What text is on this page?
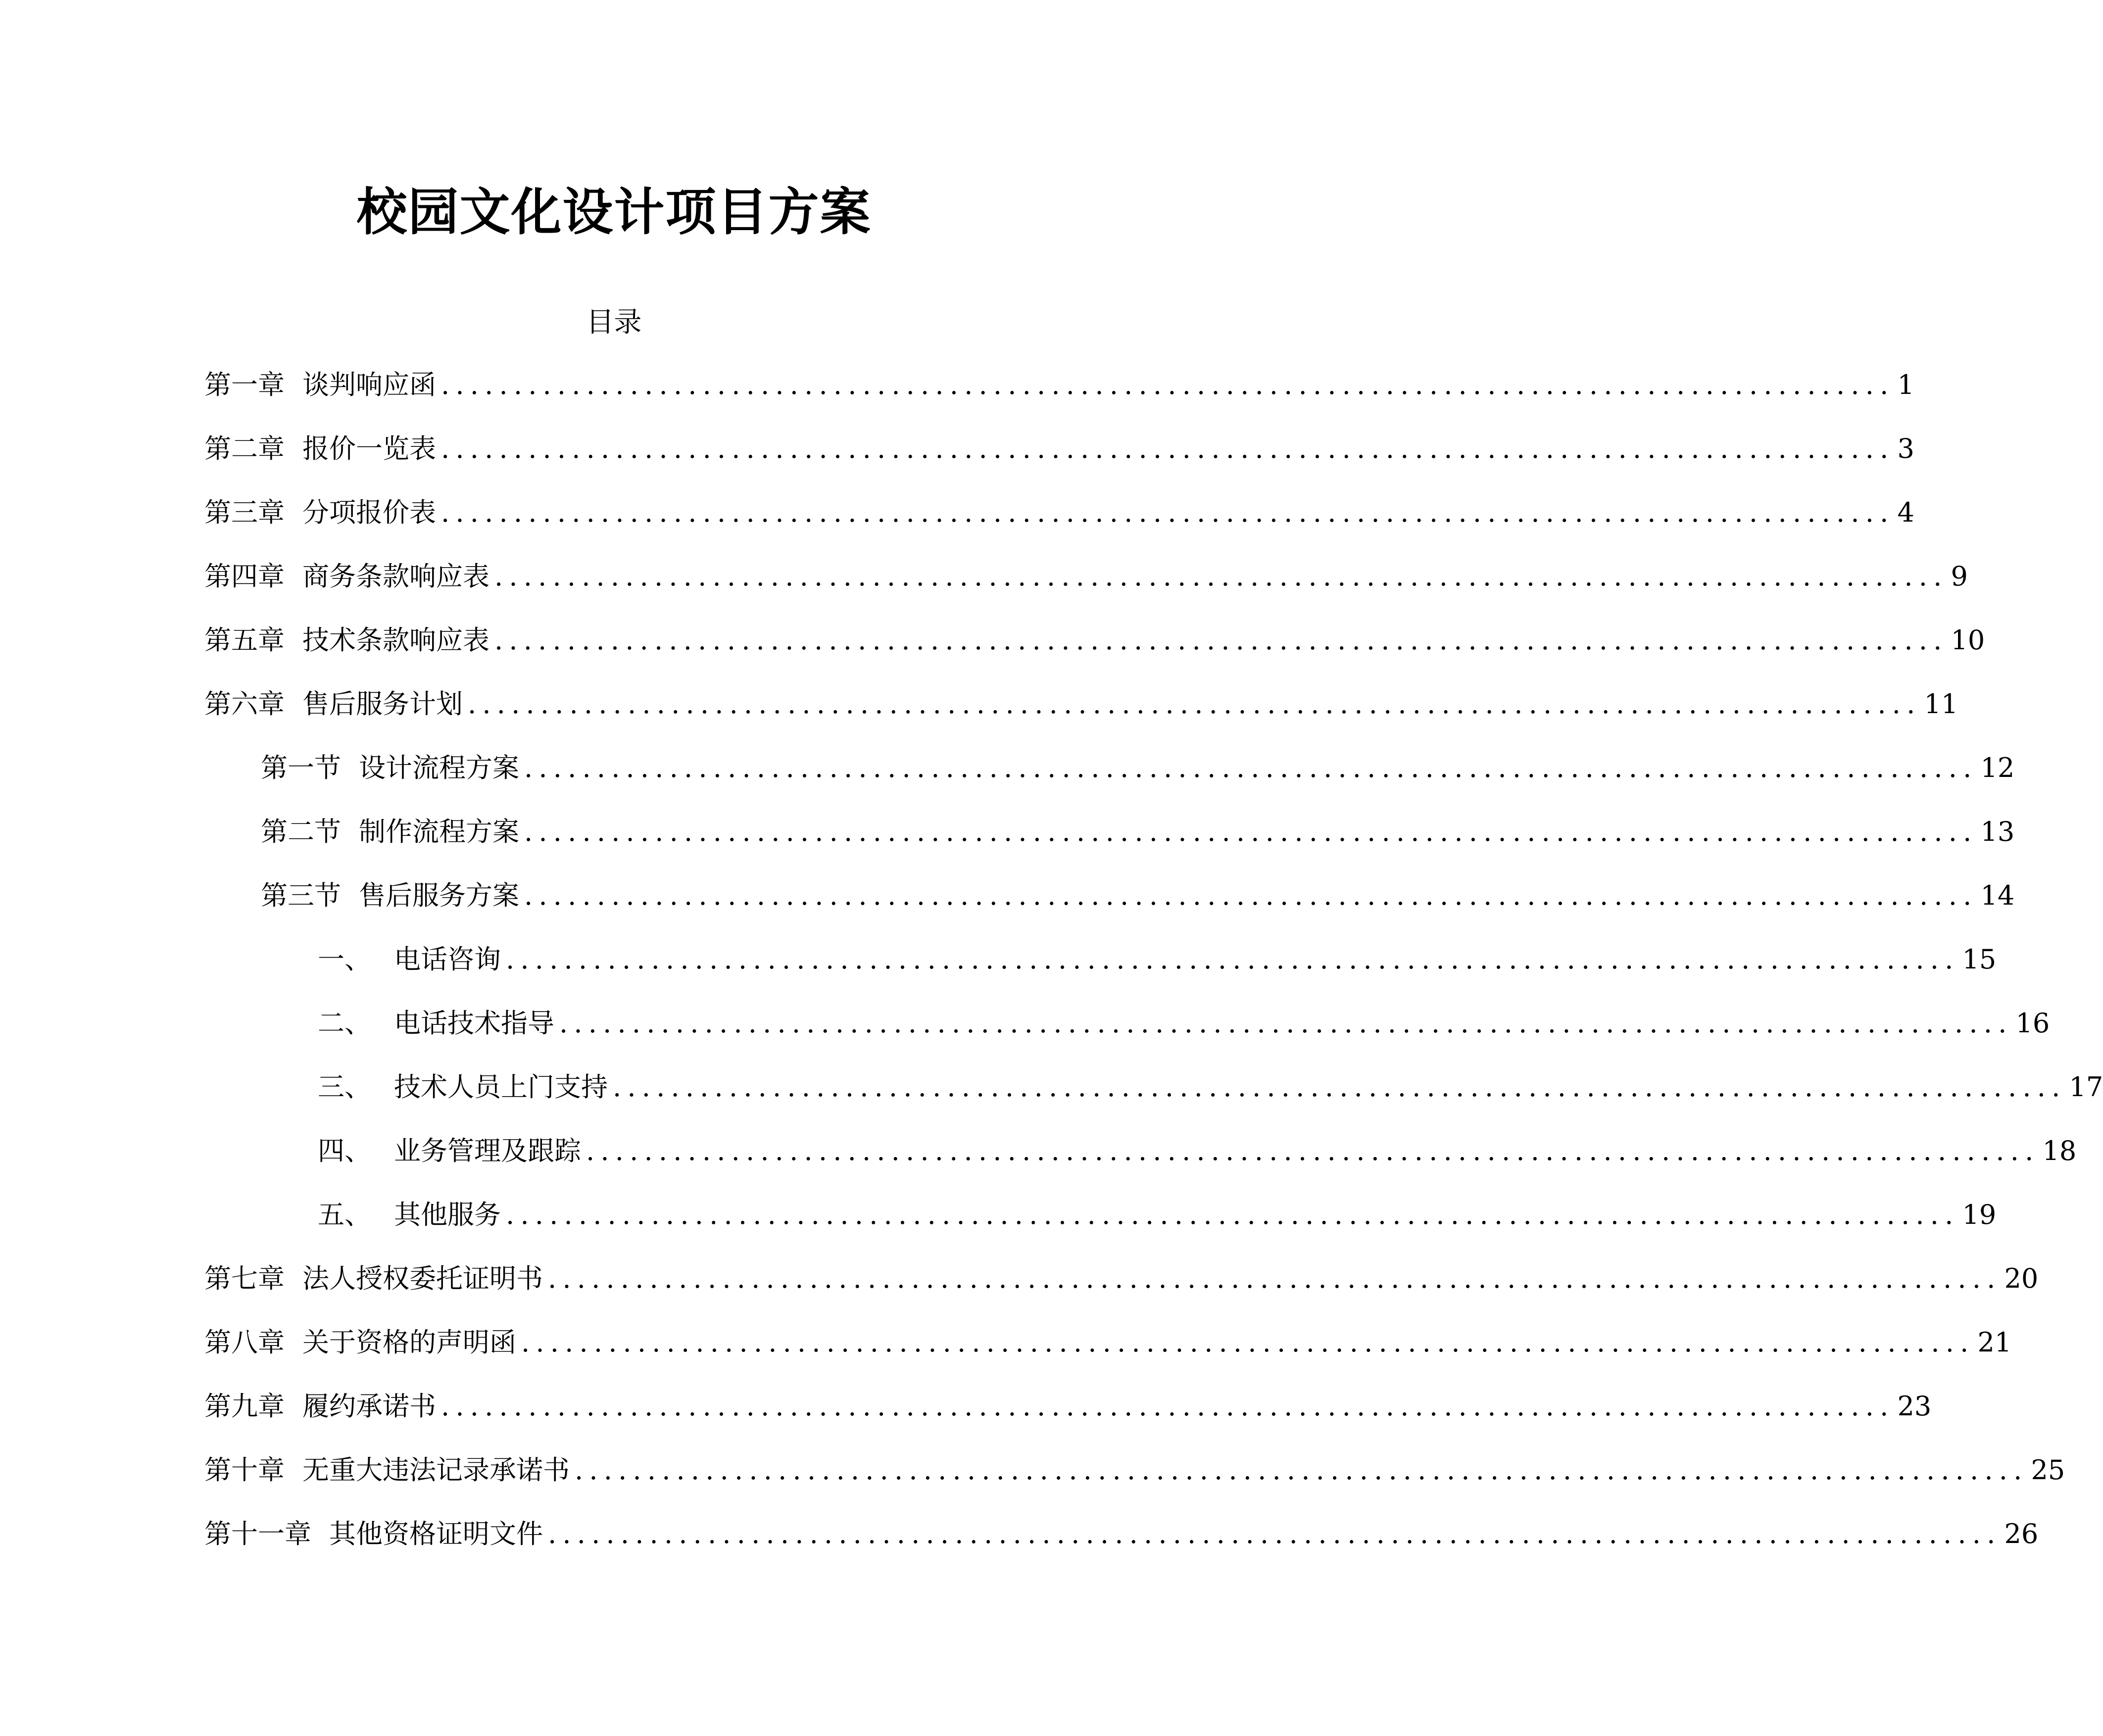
校园文化设计项目方案
目录
第一章 谈判响应函 .................................................................................................... 1
第二章 报价一览表 .................................................................................................... 3
第三章 分项报价表 .................................................................................................... 4
第四章 商务条款响应表 .................................................................................................... 9
第五章 技术条款响应表 .................................................................................................... 10
第六章 售后服务计划 .................................................................................................... 11
第一节 设计流程方案 .................................................................................................... 12
第二节 制作流程方案 .................................................................................................... 13
第三节 售后服务方案 .................................................................................................... 14
一、 电话咨询 .................................................................................................... 15
二、 电话技术指导 .................................................................................................... 16
三、 技术人员上门支持 .................................................................................................... 17
四、 业务管理及跟踪 .................................................................................................... 18
五、 其他服务 .................................................................................................... 19
第七章 法人授权委托证明书 .................................................................................................... 20
第八章 关于资格的声明函 .................................................................................................... 21
第九章 履约承诺书 .................................................................................................... 23
第十章 无重大违法记录承诺书 .................................................................................................... 25
第十一章 其他资格证明文件 .................................................................................................... 26
